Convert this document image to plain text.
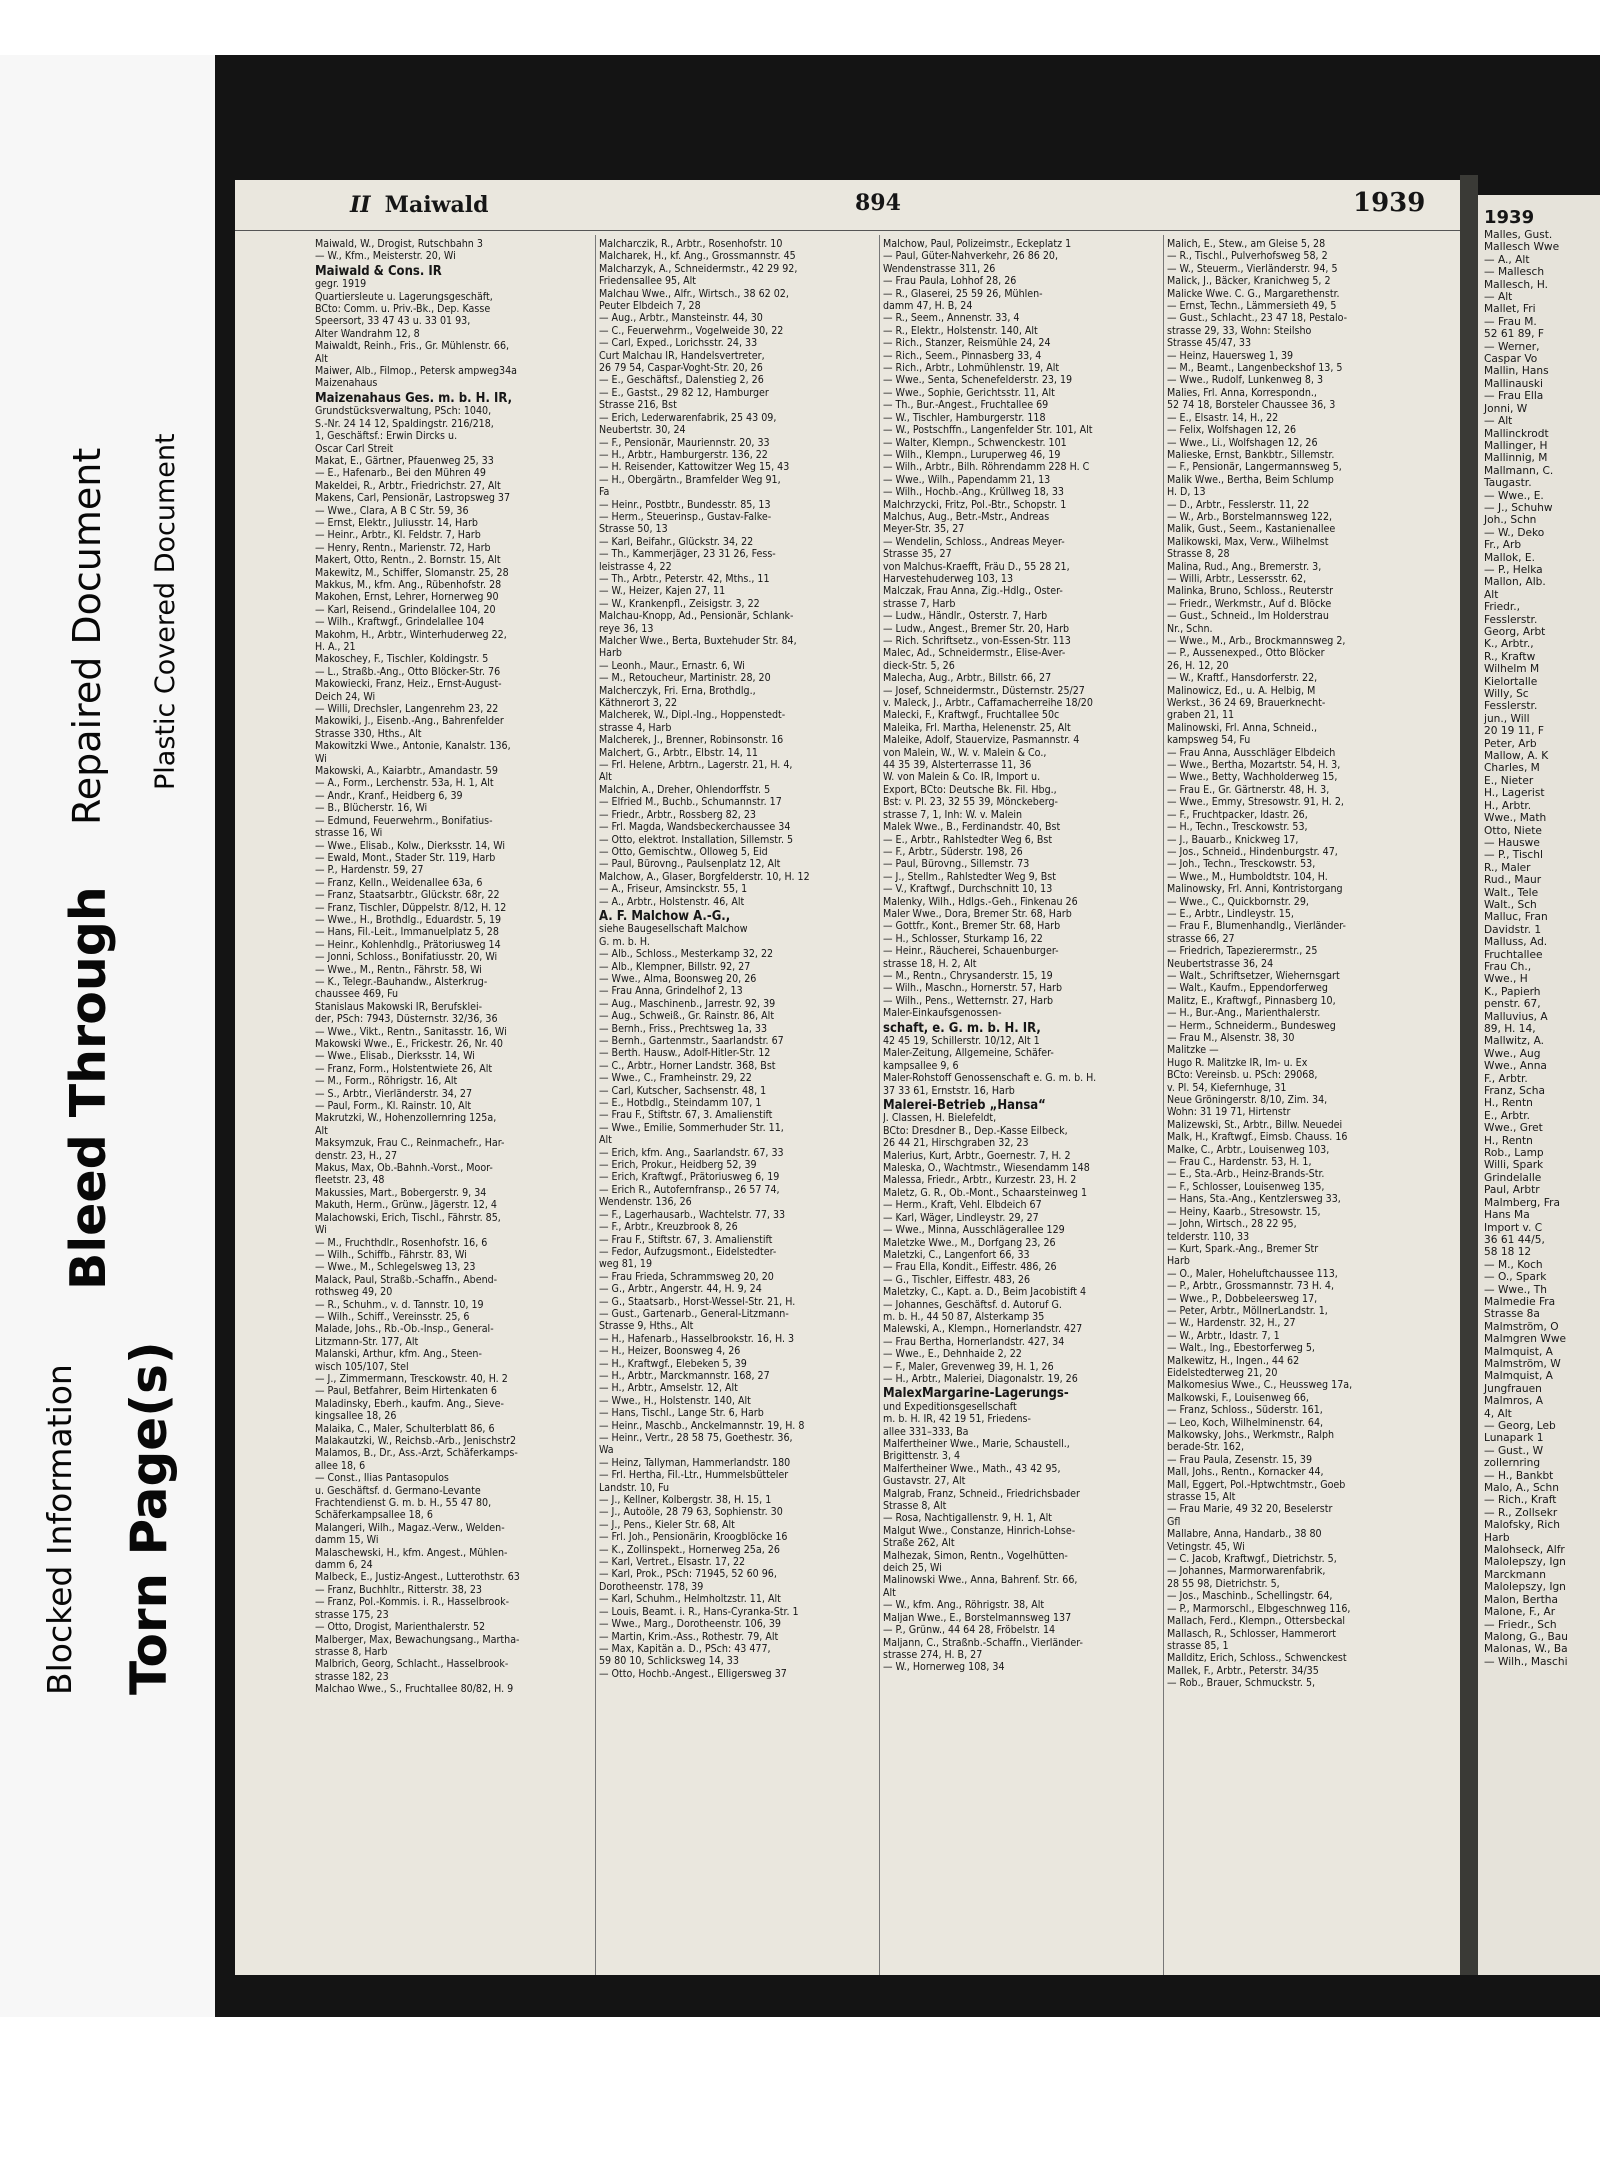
Blocked Information
Bleed Through
Torn Page(s)
Repaired Document Plastic Covered Document
II Maiwald	894	1939
Maiwald, W., Drogist, Rutschbahn 3
— W., Kfm., Meisterstr. 20, Wi
Maiwald & Cons. IR
gegr. 1919
Quartiersleute u. Lagerungsgeschäft,
BCto: Comm. u. Priv.-Bk., Dep. Kasse
Speersort, 33 47 43 u. 33 01 93,
Alter Wandrahm 12, 8
Maiwaldt, Reinh., Fris., Gr. Mühlenstr. 66,
Alt
Maiwer, Alb., Filmop., Petersk ampweg34a
Maizenahaus
Maizenahaus Ges. m. b. H. IR,
Grundstücksverwaltung, PSch: 1040,
S.-Nr. 24 14 12, Spaldingstr. 216/218,
1, Geschäftsf.: Erwin Dircks u.
Oscar Carl Streit
Makat, E., Gärtner, Pfauenweg 25, 33
— E., Hafenarb., Bei den Mühren 49
Makeldei, R., Arbtr., Friedrichstr. 27, Alt
Makens, Carl, Pensionär, Lastropsweg 37
— Wwe., Clara, A B C Str. 59, 36
— Ernst, Elektr., Juliusstr. 14, Harb
— Heinr., Arbtr., Kl. Feldstr. 7, Harb
— Henry, Rentn., Marienstr. 72, Harb
Makert, Otto, Rentn., 2. Bornstr. 15, Alt
Makewitz, M., Schiffer, Slomanstr. 25, 28
Makkus, M., kfm. Ang., Rübenhofstr. 28
Makohen, Ernst, Lehrer, Hornerweg 90
— Karl, Reisend., Grindelallee 104, 20
— Wilh., Kraftwgf., Grindelallee 104
Makohm, H., Arbtr., Winterhuderweg 22,
H. A., 21
Makoschey, F., Tischler, Koldingstr. 5
— L., Straßb.-Ang., Otto Blöcker-Str. 76
Makowiecki, Franz, Heiz., Ernst-August-
Deich 24, Wi
— Willi, Drechsler, Langenrehm 23, 22
Makowiki, J., Eisenb.-Ang., Bahrenfelder
Strasse 330, Hths., Alt
Makowitzki Wwe., Antonie, Kanalstr. 136,
Wi
Makowski, A., Kaiarbtr., Amandastr. 59
— A., Form., Lerchenstr. 53a, H. 1, Alt
— Andr., Kranf., Heidberg 6, 39
— B., Blücherstr. 16, Wi
— Edmund, Feuerwehrm., Bonifatius-
strasse 16, Wi
— Wwe., Elisab., Kolw., Dierksstr. 14, Wi
— Ewald, Mont., Stader Str. 119, Harb
— P., Hardenstr. 59, 27
— Franz, Kelln., Weidenallee 63a, 6
— Franz, Staatsarbtr., Glückstr. 68r, 22
— Franz, Tischler, Düppelstr. 8/12, H. 12
— Wwe., H., Brothdlg., Eduardstr. 5, 19
— Hans, Fil.-Leit., Immanuelplatz 5, 28
— Heinr., Kohlenhdlg., Prätoriusweg 14
— Jonni, Schloss., Bonifatiusstr. 20, Wi
— Wwe., M., Rentn., Fährstr. 58, Wi
— K., Telegr.-Bauhandw., Alsterkrug-
chaussee 469, Fu
Stanislaus Makowski IR, Berufsklei-
der, PSch: 7943, Düsternstr. 32/36, 36
— Wwe., Vikt., Rentn., Sanitasstr. 16, Wi
Makowski Wwe., E., Frickestr. 26, Nr. 40
— Wwe., Elisab., Dierksstr. 14, Wi
— Franz, Form., Holstentwiete 26, Alt
— M., Form., Röhrigstr. 16, Alt
— S., Arbtr., Vierländerstr. 34, 27
— Paul, Form., Kl. Rainstr. 10, Alt
Makrutzki, W., Hohenzollernring 125a,
Alt
Maksymzuk, Frau C., Reinmachefr., Har-
denstr. 23, H., 27
Makus, Max, Ob.-Bahnh.-Vorst., Moor-
fleetstr. 23, 48
Makussies, Mart., Bobergerstr. 9, 34
Makuth, Herm., Grünw., Jägerstr. 12, 4
Malachowski, Erich, Tischl., Fährstr. 85,
Wi
— M., Fruchthdlr., Rosenhofstr. 16, 6
— Wilh., Schiffb., Fährstr. 83, Wi
— Wwe., M., Schlegelsweg 13, 23
Malack, Paul, Straßb.-Schaffn., Abend-
rothsweg 49, 20
— R., Schuhm., v. d. Tannstr. 10, 19
— Wilh., Schiff., Vereinsstr. 25, 6
Malade, Johs., Rb.-Ob.-Insp., General-
Litzmann-Str. 177, Alt
Malanski, Arthur, kfm. Ang., Steen-
wisch 105/107, Stel
— J., Zimmermann, Tresckowstr. 40, H. 2
— Paul, Betfahrer, Beim Hirtenkaten 6
Maladinsky, Eberh., kaufm. Ang., Sieve-
kingsallee 18, 26
Malaika, C., Maler, Schulterblatt 86, 6
Malakautzki, W., Reichsb.-Arb., Jenischstr2
Malamos, B., Dr., Ass.-Arzt, Schäferkamps-
allee 18, 6
— Const., Ilias Pantasopulos
u. Geschäftsf. d. Germano-Levante
Frachtendienst G. m. b. H., 55 47 80,
Schäferkampsallee 18, 6
Malangeri, Wilh., Magaz.-Verw., Welden-
damm 15, Wi
Malaschewski, H., kfm. Angest., Mühlen-
damm 6, 24
Malbeck, E., Justiz-Angest., Lutterothstr. 63
— Franz, Buchhltr., Ritterstr. 38, 23
— Franz, Pol.-Kommis. i. R., Hasselbrook-
strasse 175, 23
— Otto, Drogist, Marienthalerstr. 52
Malberger, Max, Bewachungsang., Martha-
strasse 8, Harb
Malbrich, Georg, Schlacht., Hasselbrook-
strasse 182, 23
Malchao Wwe., S., Fruchtallee 80/82, H. 9
Malcharczik, R., Arbtr., Rosenhofstr. 10
Malcharek, H., kf. Ang., Grossmannstr. 45
Malcharzyk, A., Schneidermstr., 42 29 92,
Friedensallee 95, Alt
Malchau Wwe., Alfr., Wirtsch., 38 62 02,
Peuter Elbdeich 7, 28
— Aug., Arbtr., Mansteinstr. 44, 30
— C., Feuerwehrm., Vogelweide 30, 22
— Carl, Exped., Lorichsstr. 24, 33
Curt Malchau IR, Handelsvertreter,
26 79 54, Caspar-Voght-Str. 20, 26
— E., Geschäftsf., Dalenstieg 2, 26
— E., Gastst., 29 82 12, Hamburger
Strasse 216, Bst
— Erich, Lederwarenfabrik, 25 43 09,
Neubertstr. 30, 24
— F., Pensionär, Mauriennstr. 20, 33
— H., Arbtr., Hamburgerstr. 136, 22
— H. Reisender, Kattowitzer Weg 15, 43
— H., Obergärtn., Bramfelder Weg 91,
Fa
— Heinr., Postbtr., Bundesstr. 85, 13
— Herm., Steuerinsp., Gustav-Falke-
Strasse 50, 13
— Karl, Beifahr., Glückstr. 34, 22
— Th., Kammerjäger, 23 31 26, Fess-
leistrasse 4, 22
— Th., Arbtr., Peterstr. 42, Mths., 11
— W., Heizer, Kajen 27, 11
— W., Krankenpfl., Zeisigstr. 3, 22
Malchau-Knopp, Ad., Pensionär, Schlank-
reye 36, 13
Malcher Wwe., Berta, Buxtehuder Str. 84,
Harb
— Leonh., Maur., Ernastr. 6, Wi
— M., Retoucheur, Martinistr. 28, 20
Malcherczyk, Fri. Erna, Brothdlg.,
Käthnerort 3, 22
Malcherek, W., Dipl.-Ing., Hoppenstedt-
strasse 4, Harb
Malcherek, J., Brenner, Robinsonstr. 16
Malchert, G., Arbtr., Elbstr. 14, 11
— Frl. Helene, Arbtrn., Lagerstr. 21, H. 4,
Alt
Malchin, A., Dreher, Ohlendorffstr. 5
— Elfried M., Buchb., Schumannstr. 17
— Friedr., Arbtr., Rossberg 82, 23
— Frl. Magda, Wandsbeckerchaussee 34
— Otto, elektrot. Installation, Sillemstr. 5
— Otto, Gemischtw., Olloweg 5, Eid
— Paul, Bürovng., Paulsenplatz 12, Alt
Malchow, A., Glaser, Borgfelderstr. 10, H. 12
— A., Friseur, Amsinckstr. 55, 1
— A., Arbtr., Holstenstr. 46, Alt
A. F. Malchow A.-G.,
siehe Baugesellschaft Malchow
G. m. b. H.
— Alb., Schloss., Mesterkamp 32, 22
— Alb., Klempner, Billstr. 92, 27
— Wwe., Alma, Boonsweg 20, 26
— Frau Anna, Grindelhof 2, 13
— Aug., Maschinenb., Jarrestr. 92, 39
— Aug., Schweiß., Gr. Rainstr. 86, Alt
— Bernh., Friss., Prechtsweg 1a, 33
— Bernh., Gartenmstr., Saarlandstr. 67
— Berth. Hausw., Adolf-Hitler-Str. 12
— C., Arbtr., Horner Landstr. 368, Bst
— Wwe., C., Framheinstr. 29, 22
— Carl, Kutscher, Sachsenstr. 48, 1
— E., Hotbdlg., Steindamm 107, 1
— Frau F., Stiftstr. 67, 3. Amalienstift
— Wwe., Emilie, Sommerhuder Str. 11,
Alt
— Erich, kfm. Ang., Saarlandstr. 67, 33
— Erich, Prokur., Heidberg 52, 39
— Erich, Kraftwgf., Prätoriusweg 6, 19
— Erich R., Autofernfransp., 26 57 74,
Wendenstr. 136, 26
— F., Lagerhausarb., Wachtelstr. 77, 33
— F., Arbtr., Kreuzbrook 8, 26
— Frau F., Stiftstr. 67, 3. Amalienstift
— Fedor, Aufzugsmont., Eidelstedter-
weg 81, 19
— Frau Frieda, Schrammsweg 20, 20
— G., Arbtr., Angerstr. 44, H. 9, 24
— G., Staatsarb., Horst-Wessel-Str. 21, H.
— Gust., Gartenarb., General-Litzmann-
Strasse 9, Hths., Alt
— H., Hafenarb., Hasselbrookstr. 16, H. 3
— H., Heizer, Boonsweg 4, 26
— H., Kraftwgf., Elebeken 5, 39
— H., Arbtr., Marckmannstr. 168, 27
— H., Arbtr., Amselstr. 12, Alt
— Wwe., H., Holstenstr. 140, Alt
— Hans, Tischl., Lange Str. 6, Harb
— Heinr., Maschb., Anckelmannstr. 19, H. 8
— Heinr., Vertr., 28 58 75, Goethestr. 36,
Wa
— Heinz, Tallyman, Hammerlandstr. 180
— Frl. Hertha, Fil.-Ltr., Hummelsbütteler
Landstr. 10, Fu
— J., Kellner, Kolbergstr. 38, H. 15, 1
— J., Autoöle, 28 79 63, Sophienstr. 30
— J., Pens., Kieler Str. 68, Alt
— Frl. Joh., Pensionärin, Kroogblöcke 16
— K., Zollinspekt., Hornerweg 25a, 26
— Karl, Vertret., Elsastr. 17, 22
— Karl, Prok., PSch: 71945, 52 60 96,
Dorotheenstr. 178, 39
— Karl, Schuhm., Helmholtzstr. 11, Alt
— Louis, Beamt. i. R., Hans-Cyranka-Str. 1
— Wwe., Marg., Dorotheenstr. 106, 39
— Martin, Krim.-Ass., Rothestr. 79, Alt
— Max, Kapitän a. D., PSch: 43 477,
59 80 10, Schlicksweg 14, 33
— Otto, Hochb.-Angest., Elligersweg 37
Malchow, Paul, Polizeimstr., Eckeplatz 1
— Paul, Güter-Nahverkehr, 26 86 20,
Wendenstrasse 311, 26
— Frau Paula, Lohhof 28, 26
— R., Glaserei, 25 59 26, Mühlen-
damm 47, H. B, 24
— R., Seem., Annenstr. 33, 4
— R., Elektr., Holstenstr. 140, Alt
— Rich., Stanzer, Reismühle 24, 24
— Rich., Seem., Pinnasberg 33, 4
— Rich., Arbtr., Lohmühlenstr. 19, Alt
— Wwe., Senta, Schenefelderstr. 23, 19
— Wwe., Sophie, Gerichtsstr. 11, Alt
— Th., Bur.-Angest., Fruchtallee 69
— W., Tischler, Hamburgerstr. 118
— W., Postschffn., Langenfelder Str. 101, Alt
— Walter, Klempn., Schwenckestr. 101
— Wilh., Klempn., Luruperweg 46, 19
— Wilh., Arbtr., Bilh. Röhrendamm 228 H. C
— Wwe., Wilh., Papendamm 21, 13
— Wilh., Hochb.-Ang., Krüllweg 18, 33
Malchrzycki, Fritz, Pol.-Btr., Schopstr. 1
Malchus, Aug., Betr.-Mstr., Andreas
Meyer-Str. 35, 27
— Wendelin, Schloss., Andreas Meyer-
Strasse 35, 27
von Malchus-Kraefft, Fräu D., 55 28 21,
Harvestehuderweg 103, 13
Malczak, Frau Anna, Zig.-Hdlg., Oster-
strasse 7, Harb
— Ludw., Händlr., Osterstr. 7, Harb
— Ludw., Angest., Bremer Str. 20, Harb
— Rich. Schriftsetz., von-Essen-Str. 113
Malec, Ad., Schneidermstr., Elise-Aver-
dieck-Str. 5, 26
Malecha, Aug., Arbtr., Billstr. 66, 27
— Josef, Schneidermstr., Düsternstr. 25/27
v. Maleck, J., Arbtr., Caffamacherreihe 18/20
Malecki, F., Kraftwgf., Fruchtallee 50c
Maleika, Frl. Martha, Helenenstr. 25, Alt
Maleike, Adolf, Stauervize, Pasmannstr. 4
von Malein, W., W. v. Malein & Co.,
44 35 39, Alsterterrasse 11, 36
W. von Malein & Co. IR, Import u.
Export, BCto: Deutsche Bk. Fil. Hbg.,
Bst: v. Pl. 23, 32 55 39, Mönckeberg-
strasse 7, 1, Inh: W. v. Malein
Malek Wwe., B., Ferdinandstr. 40, Bst
— E., Arbtr., Rahlstedter Weg 6, Bst
— F., Arbtr., Süderstr. 198, 26
— Paul, Bürovng., Sillemstr. 73
— J., Stellm., Rahlstedter Weg 9, Bst
— V., Kraftwgf., Durchschnitt 10, 13
Malenky, Wilh., Hdlgs.-Geh., Finkenau 26
Maler Wwe., Dora, Bremer Str. 68, Harb
— Gottfr., Kont., Bremer Str. 68, Harb
— H., Schlosser, Sturkamp 16, 22
— Heinr., Räucherei, Schauenburger-
strasse 18, H. 2, Alt
— M., Rentn., Chrysanderstr. 15, 19
— Wilh., Maschn., Hornerstr. 57, Harb
— Wilh., Pens., Wetternstr. 27, Harb
Maler-Einkaufsgenossen-
schaft, e. G. m. b. H. IR,
42 45 19, Schillerstr. 10/12, Alt 1
Maler-Zeitung, Allgemeine, Schäfer-
kampsallee 9, 6
Maler-Rohstoff Genossenschaft e. G. m. b. H.
37 33 61, Ernststr. 16, Harb
Malerei-Betrieb „Hansa“
J. Classen, H. Bielefeldt,
BCto: Dresdner B., Dep.-Kasse Eilbeck,
26 44 21, Hirschgraben 32, 23
Malerius, Kurt, Arbtr., Goernestr. 7, H. 2
Maleska, O., Wachtmstr., Wiesendamm 148
Malessa, Friedr., Arbtr., Kurzestr. 23, H. 2
Maletz, G. R., Ob.-Mont., Schaarsteinweg 1
— Herm., Kraft, Vehl. Elbdeich 67
— Karl, Wäger, Lindleystr. 29, 27
— Wwe., Minna, Ausschlägerallee 129
Maletzke Wwe., M., Dorfgang 23, 26
Maletzki, C., Langenfort 66, 33
— Frau Ella, Kondit., Eiffestr. 486, 26
— G., Tischler, Eiffestr. 483, 26
Maletzky, C., Kapt. a. D., Beim Jacobistift 4
— Johannes, Geschäftsf. d. Autoruf G.
m. b. H., 44 50 87, Alsterkamp 35
Malewski, A., Klempn., Hornerlandstr. 427
— Frau Bertha, Hornerlandstr. 427, 34
— Wwe., E., Dehnhaide 2, 22
— F., Maler, Grevenweg 39, H. 1, 26
— H., Arbtr., Maleriei, Diagonalstr. 19, 26
MalexMargarine-Lagerungs-
und Expeditionsgesellschaft
m. b. H. IR, 42 19 51, Friedens-
allee 331–333, Ba
Malfertheiner Wwe., Marie, Schaustell.,
Brigittenstr. 3, 4
Malfertheiner Wwe., Math., 43 42 95,
Gustavstr. 27, Alt
Malgrab, Franz, Schneid., Friedrichsbader
Strasse 8, Alt
— Rosa, Nachtigallenstr. 9, H. 1, Alt
Malgut Wwe., Constanze, Hinrich-Lohse-
Straße 262, Alt
Malhezak, Simon, Rentn., Vogelhütten-
deich 25, Wi
Malinowski Wwe., Anna, Bahrenf. Str. 66,
Alt
— W., kfm. Ang., Röhrigstr. 38, Alt
Maljan Wwe., E., Borstelmannsweg 137
— P., Grünw., 44 64 28, Fröbelstr. 14
Maljann, C., Straßnb.-Schaffn., Vierländer-
strasse 274, H. B, 27
— W., Hornerweg 108, 34
Malich, E., Stew., am Gleise 5, 28
— R., Tischl., Pulverhofsweg 58, 2
— W., Steuerm., Vierländerstr. 94, 5
Malick, J., Bäcker, Kranichweg 5, 2
Malicke Wwe. C. G., Margarethenstr.
— Ernst, Techn., Lämmersieth 49, 5
— Gust., Schlacht., 23 47 18, Pestalo-
strasse 29, 33, Wohn: Steilsho
Strasse 45/47, 33
— Heinz, Hauersweg 1, 39
— M., Beamt., Langenbeckshof 13, 5
— Wwe., Rudolf, Lunkenweg 8, 3
Malies, Frl. Anna, Korrespondn.,
52 74 18, Borsteler Chaussee 36, 3
— E., Elsastr. 14, H., 22
— Felix, Wolfshagen 12, 26
— Wwe., Li., Wolfshagen 12, 26
Malieske, Ernst, Bankbtr., Sillemstr.
— F., Pensionär, Langermannsweg 5,
Malik Wwe., Bertha, Beim Schlump
H. D, 13
— D., Arbtr., Fesslerstr. 11, 22
— W., Arb., Borstelmannsweg 122,
Malik, Gust., Seem., Kastanienallee
Malikowski, Max, Verw., Wilhelmst
Strasse 8, 28
Malina, Rud., Ang., Bremerstr. 3,
— Willi, Arbtr., Lessersstr. 62,
Malinka, Bruno, Schloss., Reuterstr
— Friedr., Werkmstr., Auf d. Blöcke
— Gust., Schneid., Im Holderstrau
Nr., Schn.
— Wwe., M., Arb., Brockmannsweg 2,
— P., Aussenexped., Otto Blöcker
26, H. 12, 20
— W., Kraftf., Hansdorferstr. 22,
Malinowicz, Ed., u. A. Helbig, M
Werkst., 36 24 69, Brauerknecht-
graben 21, 11
Malinowski, Frl. Anna, Schneid.,
kampsweg 54, Fu
— Frau Anna, Ausschläger Elbdeich
— Wwe., Bertha, Mozartstr. 54, H. 3,
— Wwe., Betty, Wachholderweg 15,
— Frau E., Gr. Gärtnerstr. 48, H. 3,
— Wwe., Emmy, Stresowstr. 91, H. 2,
— F., Fruchtpacker, Idastr. 26,
— H., Techn., Tresckowstr. 53,
— J., Bauarb., Knickweg 17,
— Jos., Schneid., Hindenburgstr. 47,
— Joh., Techn., Tresckowstr. 53,
— Wwe., M., Humboldtstr. 104, H.
Malinowsky, Frl. Anni, Kontristorgang
— Wwe., C., Quickbornstr. 29,
— E., Arbtr., Lindleystr. 15,
— Frau F., Blumenhandlg., Vierländer-
strasse 66, 27
— Friedrich, Tapezierermstr., 25
Neubertstrasse 36, 24
— Walt., Schriftsetzer, Wiehernsgart
— Walt., Kaufm., Eppendorferweg
Malitz, E., Kraftwgf., Pinnasberg 10,
— H., Bur.-Ang., Marienthalerstr.
— Herm., Schneiderm., Bundesweg
— Frau M., Alsenstr. 38, 30
Malitzke —
Hugo R. Malitzke IR, Im- u. Ex
BCto: Vereinsb. u. PSch: 29068,
v. Pl. 54, Kiefernhuge, 31
Neue Gröningerstr. 8/10, Zim. 34,
Wohn: 31 19 71, Hirtenstr
Malizewski, St., Arbtr., Billw. Neuedei
Malk, H., Kraftwgf., Eimsb. Chauss. 16
Malke, C., Arbtr., Louisenweg 103,
— Frau C., Hardenstr. 53, H. 1,
— E., Sta.-Arb., Heinz-Brands-Str.
— F., Schlosser, Louisenweg 135,
— Hans, Sta.-Ang., Kentzlersweg 33,
— Heiny, Kaarb., Stresowstr. 15,
— John, Wirtsch., 28 22 95,
telderstr. 110, 33
— Kurt, Spark.-Ang., Bremer Str
Harb
— O., Maler, Hoheluftchaussee 113,
— P., Arbtr., Grossmannstr. 73 H. 4,
— Wwe., P., Dobbeleersweg 17,
— Peter, Arbtr., MöllnerLandstr. 1,
— W., Hardenstr. 32, H., 27
— W., Arbtr., Idastr. 7, 1
— Walt., Ing., Ebestorferweg 5,
Malkewitz, H., Ingen., 44 62
Eidelstedterweg 21, 20
Malkomesius Wwe., C., Heussweg 17a,
Malkowski, F., Louisenweg 66,
— Franz, Schloss., Süderstr. 161,
— Leo, Koch, Wilhelminenstr. 64,
Malkowsky, Johs., Werkmstr., Ralph
berade-Str. 162,
— Frau Paula, Zesenstr. 15, 39
Mall, Johs., Rentn., Kornacker 44,
Mall, Eggert, Pol.-Hptwchtmstr., Goeb
strasse 15, Alt
— Frau Marie, 49 32 20, Beselerstr
Gfl
Mallabre, Anna, Handarb., 38 80
Vetingstr. 45, Wi
— C. Jacob, Kraftwgf., Dietrichstr. 5,
— Johannes, Marmorwarenfabrik,
28 55 98, Dietrichstr. 5,
— Jos., Maschinb., Schellingstr. 64,
— P., Marmorschl., Elbgeschnweg 116,
Mallach, Ferd., Klempn., Ottersbeckal
Mallasch, R., Schlosser, Hammerort
strasse 85, 1
Mallditz, Erich, Schloss., Schwenckest
Mallek, F., Arbtr., Peterstr. 34/35
— Rob., Brauer, Schmuckstr. 5,
1939
Malles, Gust.
Mallesch Wwe
— A., Alt
— Mallesch
Mallesch, H.
— Alt
Mallet, Fri
— Frau M.
52 61 89, F
— Werner,
Caspar Vo
Mallin, Hans
Mallinauski
— Frau Ella
Jonni, W
— Alt
Mallinckrodt
Mallinger, H
Mallinnig, M
Mallmann, C.
Taugastr.
— Wwe., E.
— J., Schuhw
Joh., Schn
— W., Deko
Fr., Arb
Mallok, E.
— P., Helka
Mallon, Alb.
Alt
Friedr.,
Fesslerstr.
Georg, Arbt
K., Arbtr.,
R., Kraftw
Wilhelm M
Kielortalle
Willy, Sc
Fesslerstr.
jun., Will
20 19 11, F
Peter, Arb
Mallow, A. K
Charles, M
E., Nieter
H., Lagerist
H., Arbtr.
Wwe., Math
Otto, Niete
— Hauswe
— P., Tischl
R., Maler
Rud., Maur
Walt., Tele
Walt., Sch
Malluc, Fran
Davidstr. 1
Malluss, Ad.
Fruchtallee
Frau Ch.,
Wwe., H
K., Papierh
penstr. 67,
Malluvius, A
89, H. 14,
Mallwitz, A.
Wwe., Aug
Wwe., Anna
F., Arbtr.
Franz, Scha
H., Rentn
E., Arbtr.
Wwe., Gret
H., Rentn
Rob., Lamp
Willi, Spark
Grindelalle
Paul, Arbtr
Malmberg, Fra
Hans Ma
Import v. C
36 61 44/5,
58 18 12
— M., Koch
— O., Spark
— Wwe., Th
Malmedie Fra
Strasse 8a
Malmström, O
Malmgren Wwe
Malmquist, A
Malmström, W
Malmquist, A
Jungfrauen
Malmros, A
4, Alt
— Georg, Leb
Lunapark 1
— Gust., W
zollernring
— H., Bankbt
Malo, A., Schn
— Rich., Kraft
— R., Zollsekr
Malofsky, Rich
Harb
Malohseck, Alfr
Malolepszy, Ign
Marckmann
Malolepszy, Ign
Malon, Bertha
Malone, F., Ar
— Friedr., Sch
Malong, G., Bau
Malonas, W., Ba
— Wilh., Maschi
